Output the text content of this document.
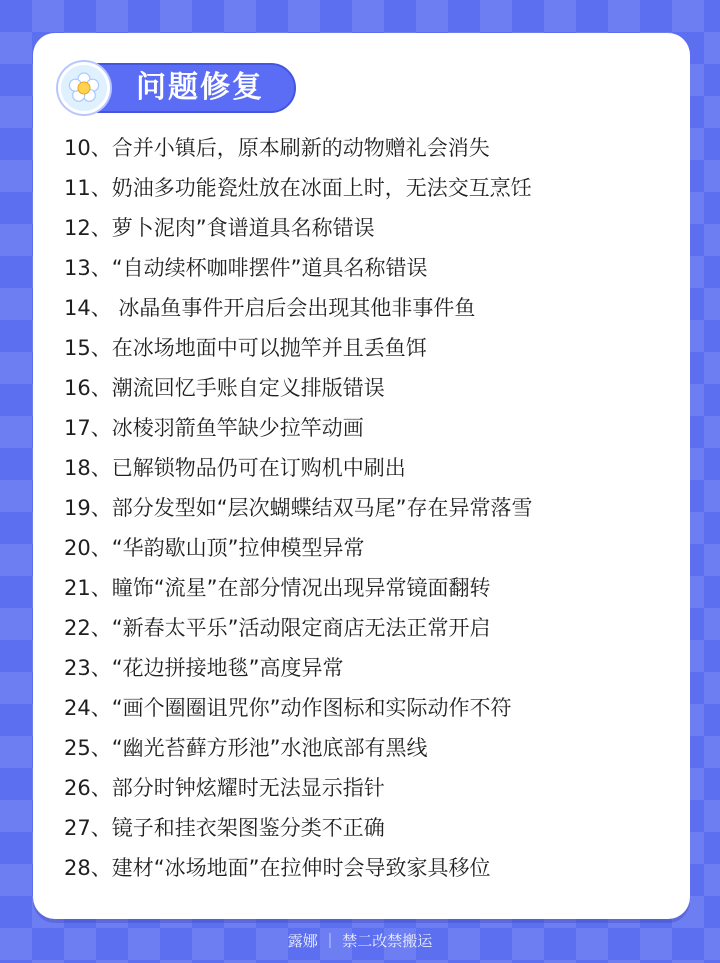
问题修复
10、合并小镇后，原本刷新的动物赠礼会消失
11、奶油多功能瓷灶放在冰面上时，无法交互烹饪
12、萝卜泥肉”食谱道具名称错误
13、“自动续杯咖啡摆件”道具名称错误
14、 冰晶鱼事件开启后会出现其他非事件鱼
15、在冰场地面中可以抛竿并且丢鱼饵
16、潮流回忆手账自定义排版错误
17、冰棱羽箭鱼竿缺少拉竿动画
18、已解锁物品仍可在订购机中刷出
19、部分发型如“层次蝴蝶结双马尾”存在异常落雪
20、“华韵歇山顶”拉伸模型异常
21、瞳饰“流星”在部分情况出现异常镜面翻转
22、“新春太平乐”活动限定商店无法正常开启
23、“花边拼接地毯”高度异常
24、“画个圈圈诅咒你”动作图标和实际动作不符
25、“幽光苔藓方形池”水池底部有黑线
26、部分时钟炫耀时无法显示指针
27、镜子和挂衣架图鉴分类不正确
28、建材“冰场地面”在拉伸时会导致家具移位
露娜 ｜ 禁二改禁搬运
